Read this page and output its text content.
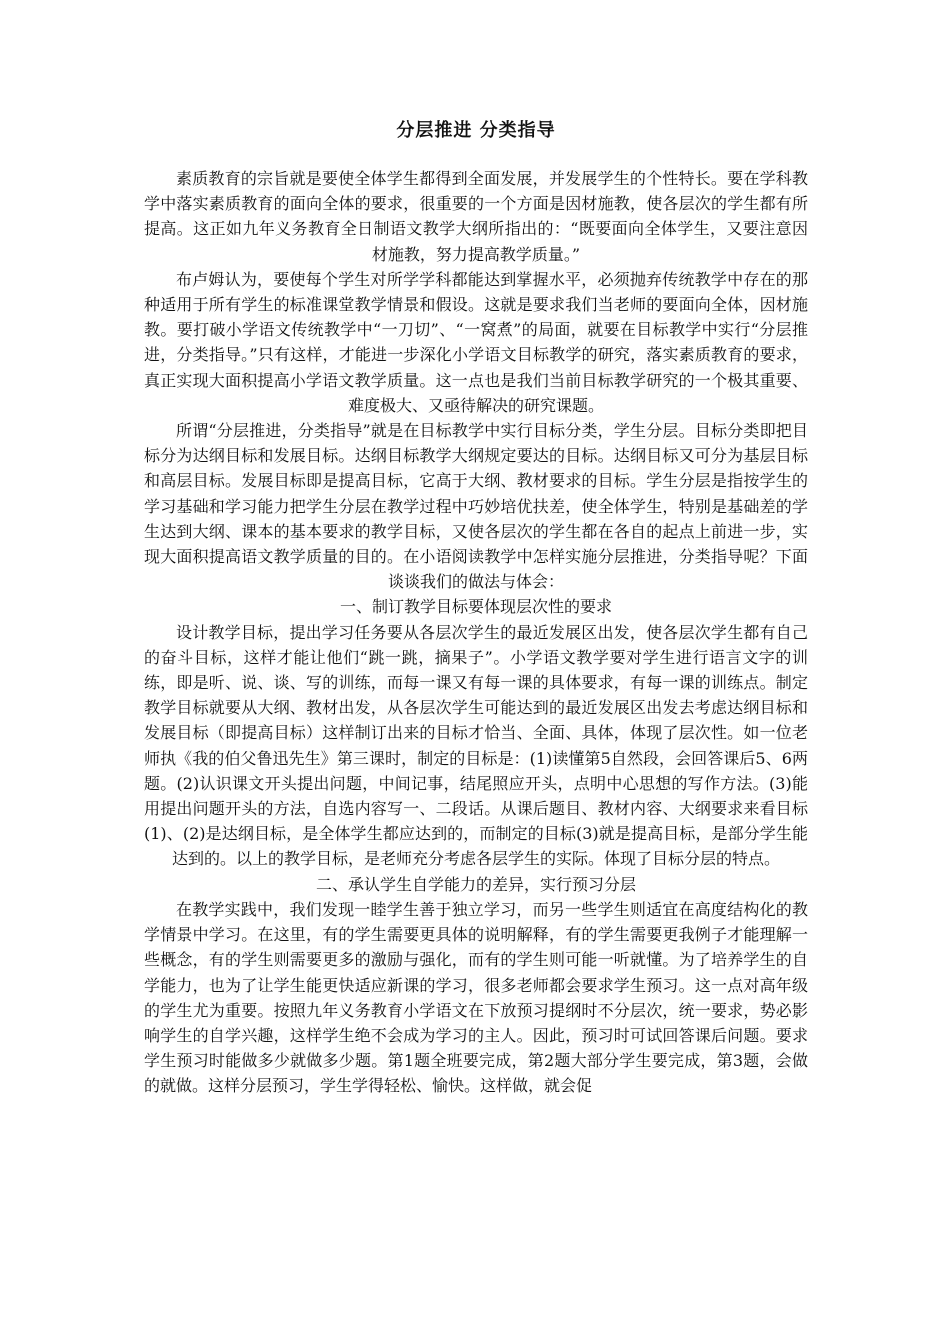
分层推进 分类指导

素质教育的宗旨就是要使全体学生都得到全面发展，并发展学生的个性特长。要在学科教学中落实素质教育的面向全体的要求，很重要的一个方面是因材施教，使各层次的学生都有所提高。这正如九年义务教育全日制语文教学大纲所指出的：“既要面向全体学生，又要注意因材施教，努力提高教学质量。”

布卢姆认为，要使每个学生对所学学科都能达到掌握水平，必须抛弃传统教学中存在的那种适用于所有学生的标准课堂教学情景和假设。这就是要求我们当老师的要面向全体，因材施教。要打破小学语文传统教学中“一刀切”、“一窝煮”的局面，就要在目标教学中实行“分层推进，分类指导。”只有这样，才能进一步深化小学语文目标教学的研究，落实素质教育的要求，真正实现大面积提高小学语文教学质量。这一点也是我们当前目标教学研究的一个极其重要、难度极大、又亟待解决的研究课题。

所谓“分层推进，分类指导”就是在目标教学中实行目标分类，学生分层。目标分类即把目标分为达纲目标和发展目标。达纲目标教学大纲规定要达的目标。达纲目标又可分为基层目标和高层目标。发展目标即是提高目标，它高于大纲、教材要求的目标。学生分层是指按学生的学习基础和学习能力把学生分层在教学过程中巧妙培优扶差，使全体学生，特别是基础差的学生达到大纲、课本的基本要求的教学目标，又使各层次的学生都在各自的起点上前进一步，实现大面积提高语文教学质量的目的。在小语阅读教学中怎样实施分层推进，分类指导呢？下面谈谈我们的做法与体会：

一、制订教学目标要体现层次性的要求

设计教学目标，提出学习任务要从各层次学生的最近发展区出发，使各层次学生都有自己的奋斗目标，这样才能让他们“跳一跳，摘果子”。小学语文教学要对学生进行语言文字的训练，即是听、说、谈、写的训练，而每一课又有每一课的具体要求，有每一课的训练点。制定教学目标就要从大纲、教材出发，从各层次学生可能达到的最近发展区出发去考虑达纲目标和发展目标（即提高目标）这样制订出来的目标才恰当、全面、具体，体现了层次性。如一位老师执《我的伯父鲁迅先生》第三课时，制定的目标是：(1)读懂第5自然段，会回答课后5、6两题。(2)认识课文开头提出问题，中间记事，结尾照应开头，点明中心思想的写作方法。(3)能用提出问题开头的方法，自选内容写一、二段话。从课后题目、教材内容、大纲要求来看目标(1)、(2)是达纲目标，是全体学生都应达到的，而制定的目标(3)就是提高目标，是部分学生能达到的。以上的教学目标，是老师充分考虑各层学生的实际。体现了目标分层的特点。

二、承认学生自学能力的差异，实行预习分层

在教学实践中，我们发现一睦学生善于独立学习，而另一些学生则适宜在高度结构化的教学情景中学习。在这里，有的学生需要更具体的说明解释，有的学生需要更我例子才能理解一些概念，有的学生则需要更多的激励与强化，而有的学生则可能一听就懂。为了培养学生的自学能力，也为了让学生能更快适应新课的学习，很多老师都会要求学生预习。这一点对高年级的学生尤为重要。按照九年义务教育小学语文在下放预习提纲时不分层次，统一要求，势必影响学生的自学兴趣，这样学生绝不会成为学习的主人。因此，预习时可试回答课后问题。要求学生预习时能做多少就做多少题。第1题全班要完成，第2题大部分学生要完成，第3题，会做的就做。这样分层预习，学生学得轻松、愉快。这样做，就会促
